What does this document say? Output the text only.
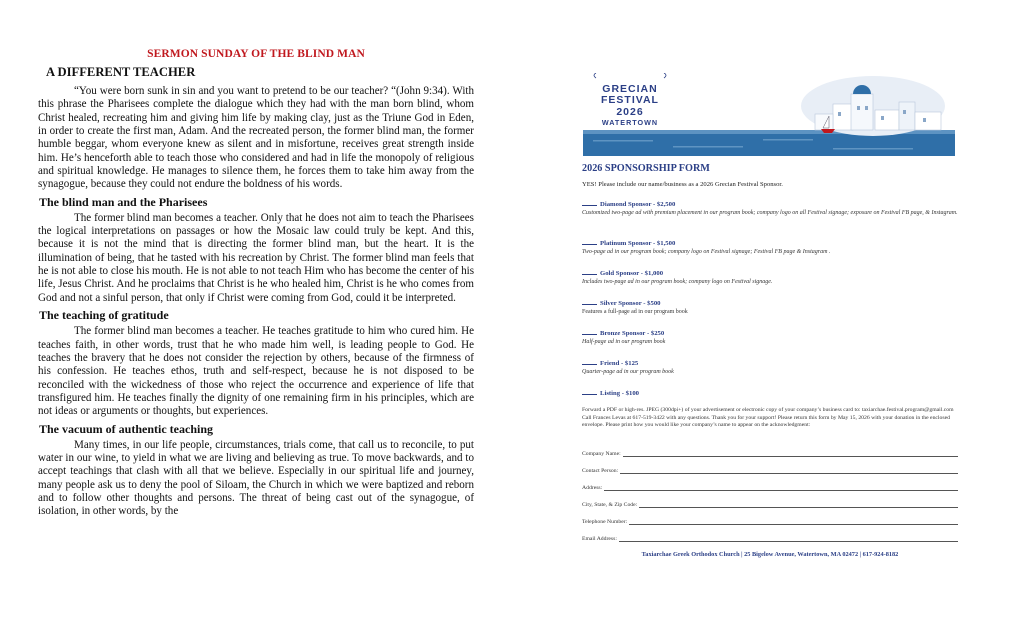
SERMON SUNDAY OF THE BLIND MAN
A DIFFERENT TEACHER

“You were born sunk in sin and you want to pretend to be our teacher? “(John 9:34). With this phrase the Pharisees complete the dialogue which they had with the man born blind, whom Christ healed, recreating him and giving him life by making clay, just as the Triune God in Eden, in order to create the first man, Adam. And the recreated person, the former blind man, the former humble beggar, whom everyone knew as silent and in misfortune, receives great strength inside him. He’s henceforth able to teach those who considered and had in life the monopoly of religious and spiritual knowledge. He manages to silence them, he forces them to take him away from the synagogue, because they could not endure the boldness of his words.

The blind man and the Pharisees

The former blind man becomes a teacher. Only that he does not aim to teach the Pharisees the logical interpretations on passages or how the Mosaic law could truly be kept. And this, because it is not the mind that is directing the former blind man, but the heart. It is the illumination of being, that he tasted with his recreation by Christ. The former blind man feels that he is not able to close his mouth. He is not able to not teach Him who has become the center of his life, Jesus Christ. And he proclaims that Christ is he who healed him, Christ is he who comes from God and not a sinful person, that only if Christ were coming from God, could it be interpreted.

The teaching of gratitude

The former blind man becomes a teacher. He teaches gratitude to him who cured him. He teaches faith, in other words, trust that he who made him well, is leading people to God. He teaches the bravery that he does not consider the rejection by others, because of the firmness of his confession. He teaches ethos, truth and self-respect, because he is not disposed to be reconciled with the wickedness of those who reject the occurrence and experience of life that transfigured him. He teaches finally the dignity of one remaining firm in his principles, which are not ideas or arguments or thoughts, but experiences.

The vacuum of authentic teaching

Many times, in our life people, circumstances, trials come, that call us to reconcile, to put water in our wine, to yield in what we are living and believing as true. To move backwards, and to accept teachings that clash with all that we believe. Especially in our spiritual life and journey, many people ask us to deny the pool of Siloam, the Church in which we were baptized and reborn and to follow other thoughts and persons. The threat of being cast out of the synagogue, of isolation, in other words, by the

GRECIAN
FESTIVAL
2026
WATERTOWN
2026 SPONSORSHIP FORM
YES! Please include our name/business as a 2026 Grecian Festival Sponsor.
Diamond Sponsor - $2,500
Customized two-page ad with premium placement in our program book; company logo on all Festival signage; exposure on Festival FB page, & Instagram.
Platinum Sponsor - $1,500
Two-page ad in our program book; company logo on Festival signage; Festival FB page & Instagram .
Gold Sponsor - $1,000
Includes two-page ad in our program book; company logo on Festival signage.
Silver Sponsor - $500
Features a full-page ad in our program book
Bronze Sponsor - $250
Half-page ad in our program book
Friend - $125
Quarter-page ad in our program book
Listing - $100
Forward a PDF or high-res. JPEG (300dpi+) of your advertisement or electronic copy of your company’s business card to: taxiarchae.festival.program@gmail.com Call Frances Levas at 617-519-3422 with any questions. Thank you for your support! Please return this form by May 15, 2026 with your donation in the enclosed envelope. Please print how you would like your company’s name to appear on the acknowledgment:
Company Name:
Contact Person:
Address:
City, State, & Zip Code:
Telephone Number:
Email Address:
Taxiarchae Greek Orthodox Church | 25 Bigelow Avenue, Watertown, MA 02472 | 617-924-8182
